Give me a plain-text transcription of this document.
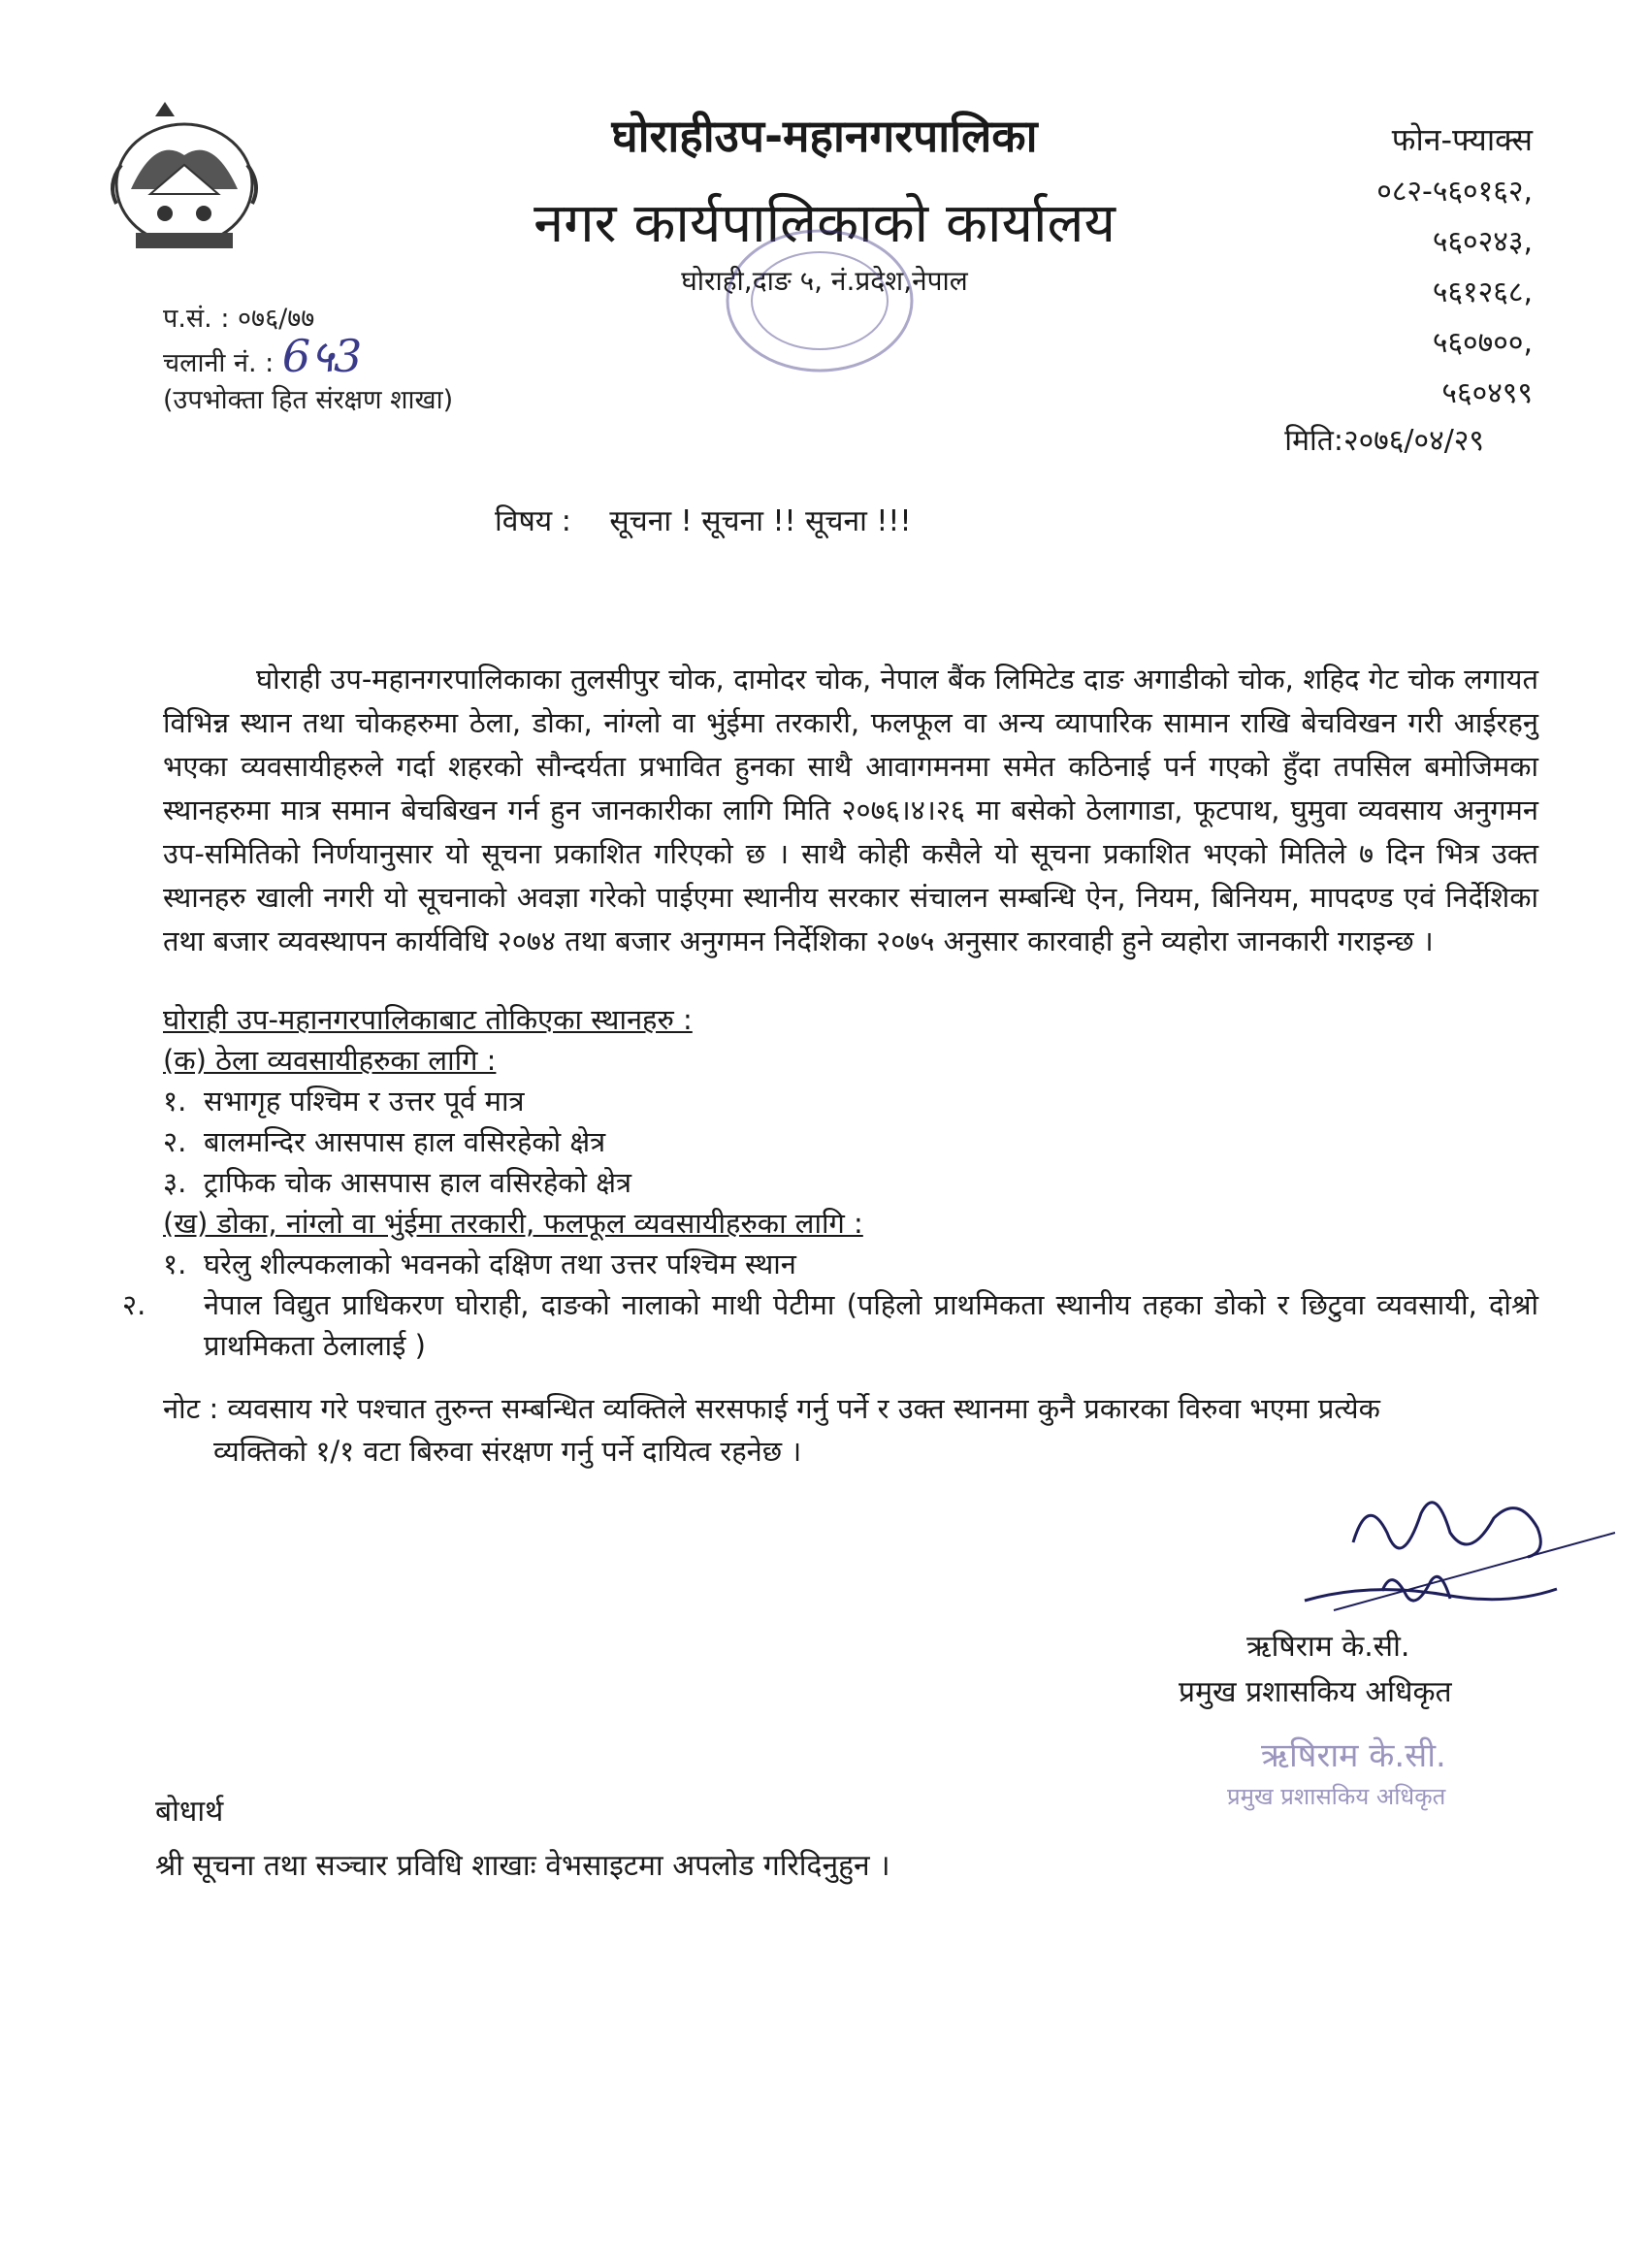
घोराहीउप-महानगरपालिका
नगर कार्यपालिकाको कार्यालय
घोराही,दाङ ५, नं.प्रदेश,नेपाल
फोन-फ्याक्स
०८२-५६०१६२,
५६०२४३,
५६१२६८,
५६०७००,
५६०४९९
प.सं. : ०७६/७७
चलानी नं. : 6५3
(उपभोक्ता हित संरक्षण शाखा)
मिति:२०७६/०४/२९
विषय : सूचना ! सूचना !! सूचना !!!
घोराही उप-महानगरपालिकाका तुलसीपुर चोक, दामोदर चोक, नेपाल बैंक लिमिटेड दाङ अगाडीको चोक, शहिद गेट चोक लगायत विभिन्न स्थान तथा चोकहरुमा ठेला, डोका, नांग्लो वा भुंईमा तरकारी, फलफूल वा अन्य व्यापारिक सामान राखि बेचविखन गरी आईरहनु भएका व्यवसायीहरुले गर्दा शहरको सौन्दर्यता प्रभावित हुनका साथै आवागमनमा समेत कठिनाई पर्न गएको हुँदा तपसिल बमोजिमका स्थानहरुमा मात्र समान बेचबिखन गर्न हुन जानकारीका लागि मिति २०७६।४।२६ मा बसेको ठेलागाडा, फूटपाथ, घुमुवा व्यवसाय अनुगमन उप-समितिको निर्णयानुसार यो सूचना प्रकाशित गरिएको छ । साथै कोही कसैले यो सूचना प्रकाशित भएको मितिले ७ दिन भित्र उक्त स्थानहरु खाली नगरी यो सूचनाको अवज्ञा गरेको पाईएमा स्थानीय सरकार संचालन सम्बन्धि ऐन, नियम, बिनियम, मापदण्ड एवं निर्देशिका तथा बजार व्यवस्थापन कार्यविधि २०७४ तथा बजार अनुगमन निर्देशिका २०७५ अनुसार कारवाही हुने व्यहोरा जानकारी गराइन्छ ।
घोराही उप-महानगरपालिकाबाट तोकिएका स्थानहरु :
(क) ठेला व्यवसायीहरुका लागि :
१. सभागृह पश्चिम र उत्तर पूर्व मात्र
२. बालमन्दिर आसपास हाल वसिरहेको क्षेत्र
३. ट्राफिक चोक आसपास हाल वसिरहेको क्षेत्र
(ख) डोका, नांग्लो वा भुंईमा तरकारी, फलफूल व्यवसायीहरुका लागि :
१. घरेलु शील्पकलाको भवनको दक्षिण तथा उत्तर पश्चिम स्थान
२. नेपाल विद्युत प्राधिकरण घोराही, दाङको नालाको माथी पेटीमा (पहिलो प्राथमिकता स्थानीय तहका डोको र छिटुवा व्यवसायी, दोश्रो प्राथमिकता ठेलालाई )
नोट : व्यवसाय गरे पश्चात तुरुन्त सम्बन्धित व्यक्तिले सरसफाई गर्नु पर्ने र उक्त स्थानमा कुनै प्रकारका विरुवा भएमा प्रत्येक
व्यक्तिको १/१ वटा बिरुवा संरक्षण गर्नु पर्ने दायित्व रहनेछ ।
ऋषिराम के.सी.
प्रमुख प्रशासकिय अधिकृत
ऋषिराम के.सी.
प्रमुख प्रशासकिय अधिकृत
बोधार्थ
श्री सूचना तथा सञ्चार प्रविधि शाखाः वेभसाइटमा अपलोड गरिदिनुहुन ।
